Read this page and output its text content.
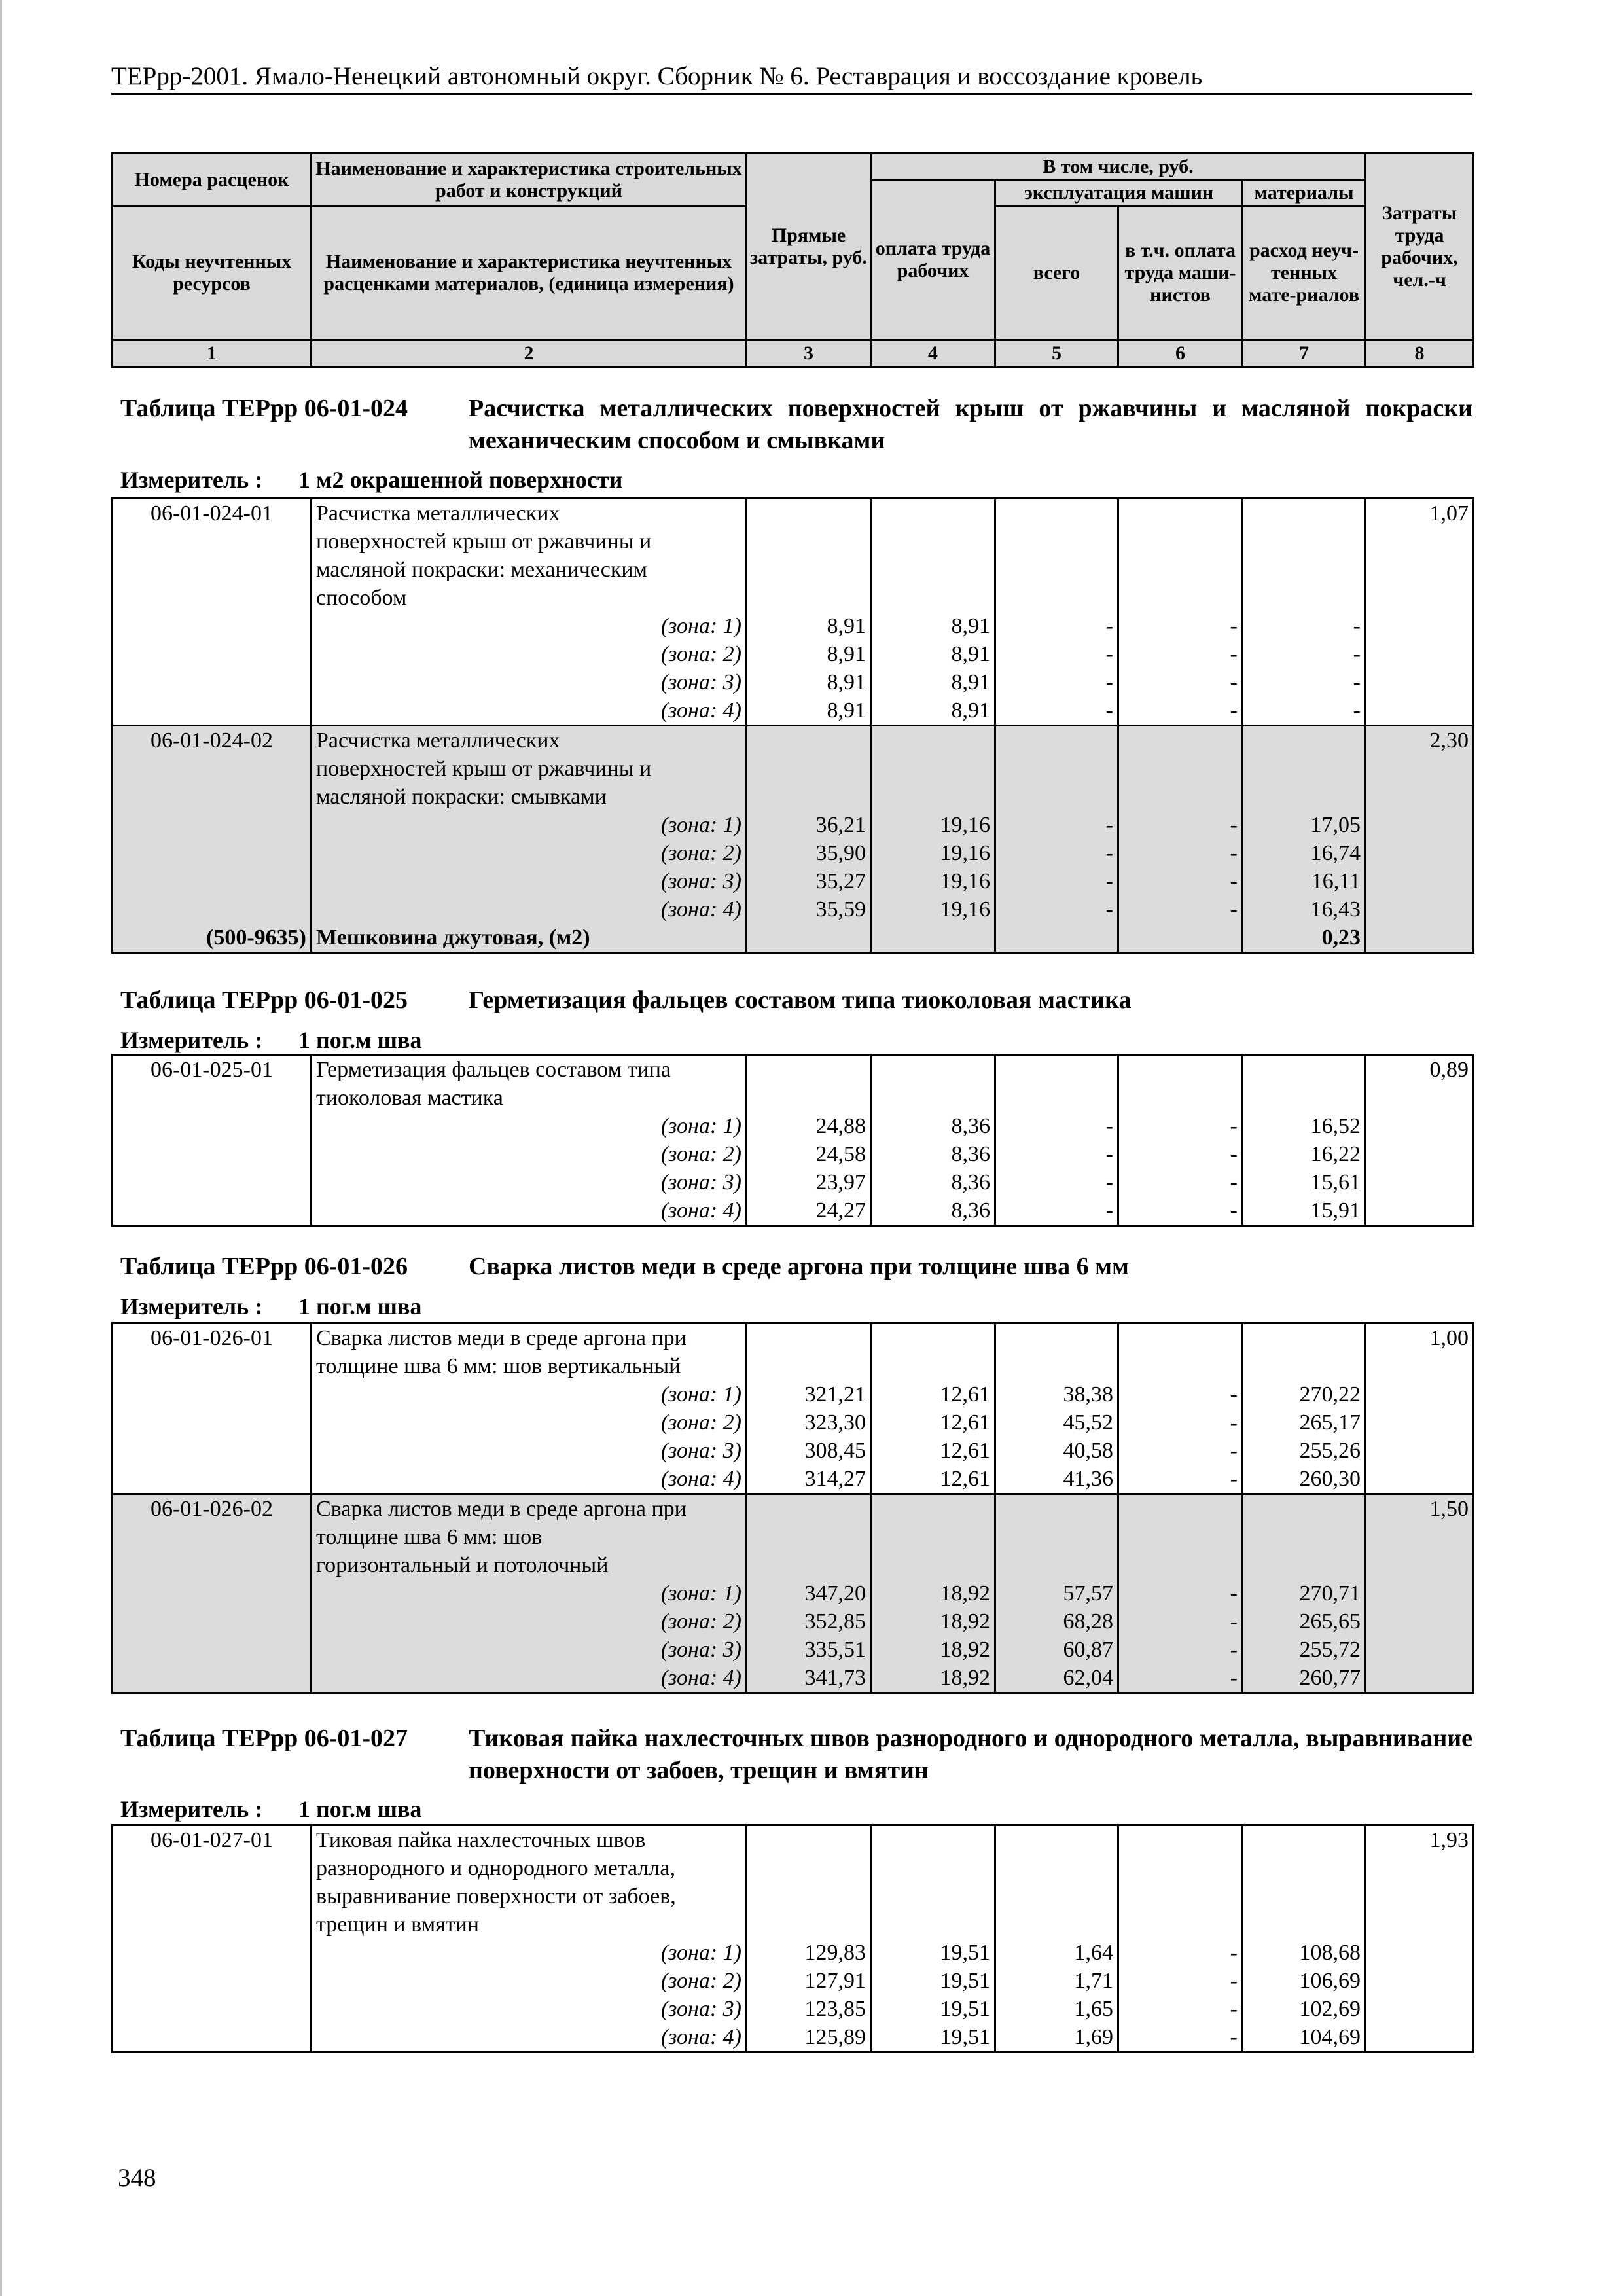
ТЕРрр-2001. Ямало-Ненецкий автономный округ. Сборник № 6. Реставрация и воссоздание кровель
Номера расценок	Наименование и характеристика строительных работ и конструкций	Прямые затраты, руб.	В том числе, руб.				Затраты труда рабочих, чел.-ч
			оплата труда рабочих	эксплуатация машин		материалы	
Коды неучтенных ресурсов	Наименование и характеристика неучтенных расценками материалов, (единица измерения)			всего	в т.ч. оплата труда маши-нистов	расход неуч-тенных мате-риалов	

1	2	3	4	5	6	7	8
Таблица ТЕРрр 06-01-024 Расчистка металлических поверхностей крыш от ржавчины и масляной покраски механическим способом и смывками
Измеритель : 1 м2 окрашенной поверхности
06-01-024-01	Расчистка металлических						1,07
	поверхностей крыш от ржавчины и						
	масляной покраски: механическим						
	способом						
	(зона: 1)	8,91	8,91	-	-	-	
	(зона: 2)	8,91	8,91	-	-	-	
	(зона: 3)	8,91	8,91	-	-	-	
	(зона: 4)	8,91	8,91	-	-	-	
06-01-024-02	Расчистка металлических						2,30
	поверхностей крыш от ржавчины и						
	масляной покраски: смывками						
	(зона: 1)	36,21	19,16	-	-	17,05	
	(зона: 2)	35,90	19,16	-	-	16,74	
	(зона: 3)	35,27	19,16	-	-	16,11	
	(зона: 4)	35,59	19,16	-	-	16,43	
(500-9635)	Мешковина джутовая, (м2)					0,23	
Таблица ТЕРрр 06-01-025 Герметизация фальцев составом типа тиоколовая мастика
Измеритель : 1 пог.м шва
06-01-025-01	Герметизация фальцев составом типа						0,89
	тиоколовая мастика						
	(зона: 1)	24,88	8,36	-	-	16,52	
	(зона: 2)	24,58	8,36	-	-	16,22	
	(зона: 3)	23,97	8,36	-	-	15,61	
	(зона: 4)	24,27	8,36	-	-	15,91	
Таблица ТЕРрр 06-01-026 Сварка листов меди в среде аргона при толщине шва 6 мм
Измеритель : 1 пог.м шва
06-01-026-01	Сварка листов меди в среде аргона при						1,00
	толщине шва 6 мм: шов вертикальный						
	(зона: 1)	321,21	12,61	38,38	-	270,22	
	(зона: 2)	323,30	12,61	45,52	-	265,17	
	(зона: 3)	308,45	12,61	40,58	-	255,26	
	(зона: 4)	314,27	12,61	41,36	-	260,30	
06-01-026-02	Сварка листов меди в среде аргона при						1,50
	толщине шва 6 мм: шов						
	горизонтальный и потолочный						
	(зона: 1)	347,20	18,92	57,57	-	270,71	
	(зона: 2)	352,85	18,92	68,28	-	265,65	
	(зона: 3)	335,51	18,92	60,87	-	255,72	
	(зона: 4)	341,73	18,92	62,04	-	260,77	
Таблица ТЕРрр 06-01-027 Тиковая пайка нахлесточных швов разнородного и однородного металла, выравнивание поверхности от забоев, трещин и вмятин
Измеритель : 1 пог.м шва
06-01-027-01	Тиковая пайка нахлесточных швов						1,93
	разнородного и однородного металла,						
	выравнивание поверхности от забоев,						
	трещин и вмятин						
	(зона: 1)	129,83	19,51	1,64	-	108,68	
	(зона: 2)	127,91	19,51	1,71	-	106,69	
	(зона: 3)	123,85	19,51	1,65	-	102,69	
	(зона: 4)	125,89	19,51	1,69	-	104,69	
348
